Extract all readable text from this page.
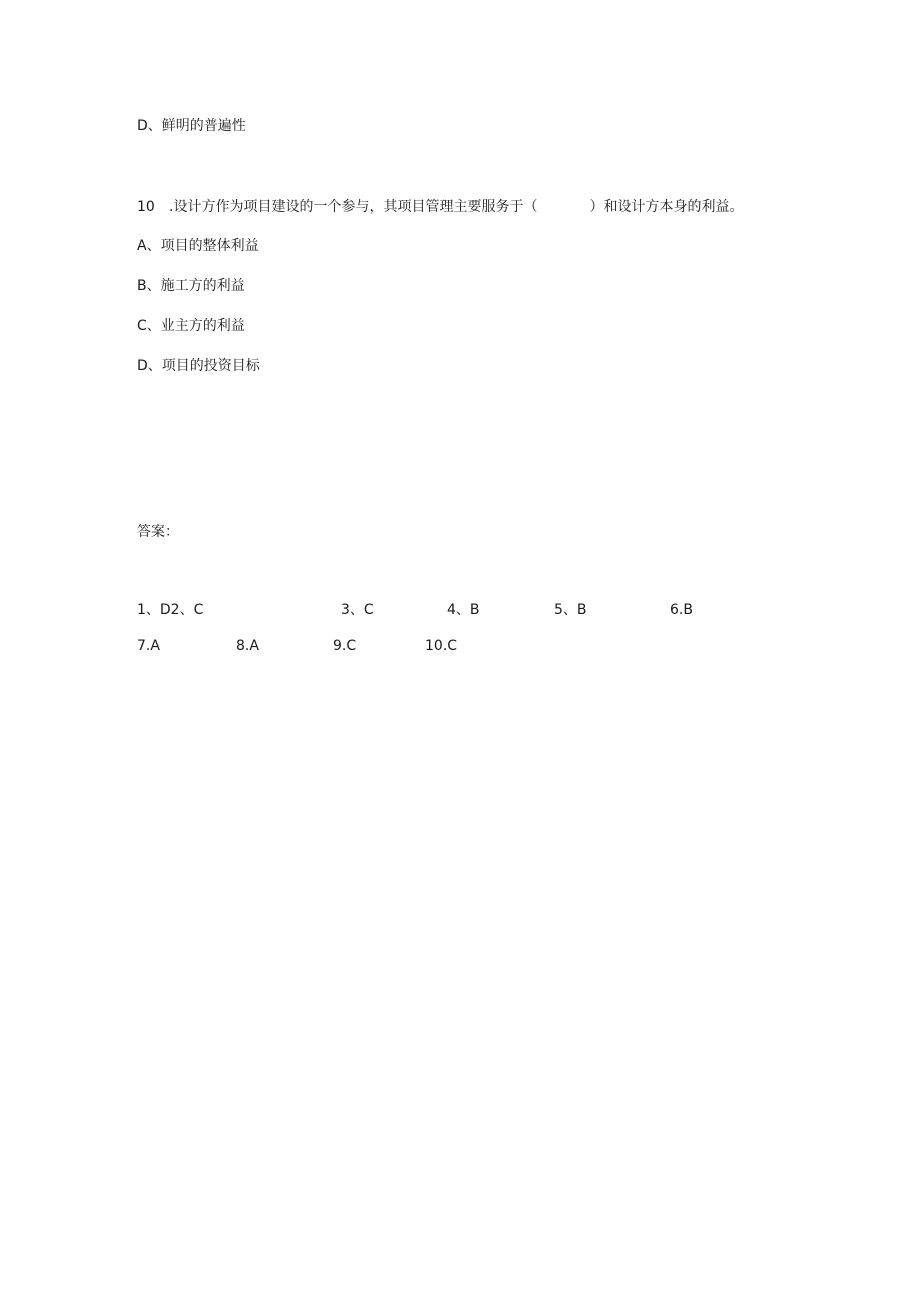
D、鲜明的普遍性
10 .设计方作为项目建设的一个参与，其项目管理主要服务于（	）和设计方本身的利益。
A、项目的整体利益
B、施工方的利益
C、业主方的利益
D、项目的投资目标
答案：
1、D2、C	3、C	4、B	5、B	6.B
7.A	8.A	9.C	10.C
